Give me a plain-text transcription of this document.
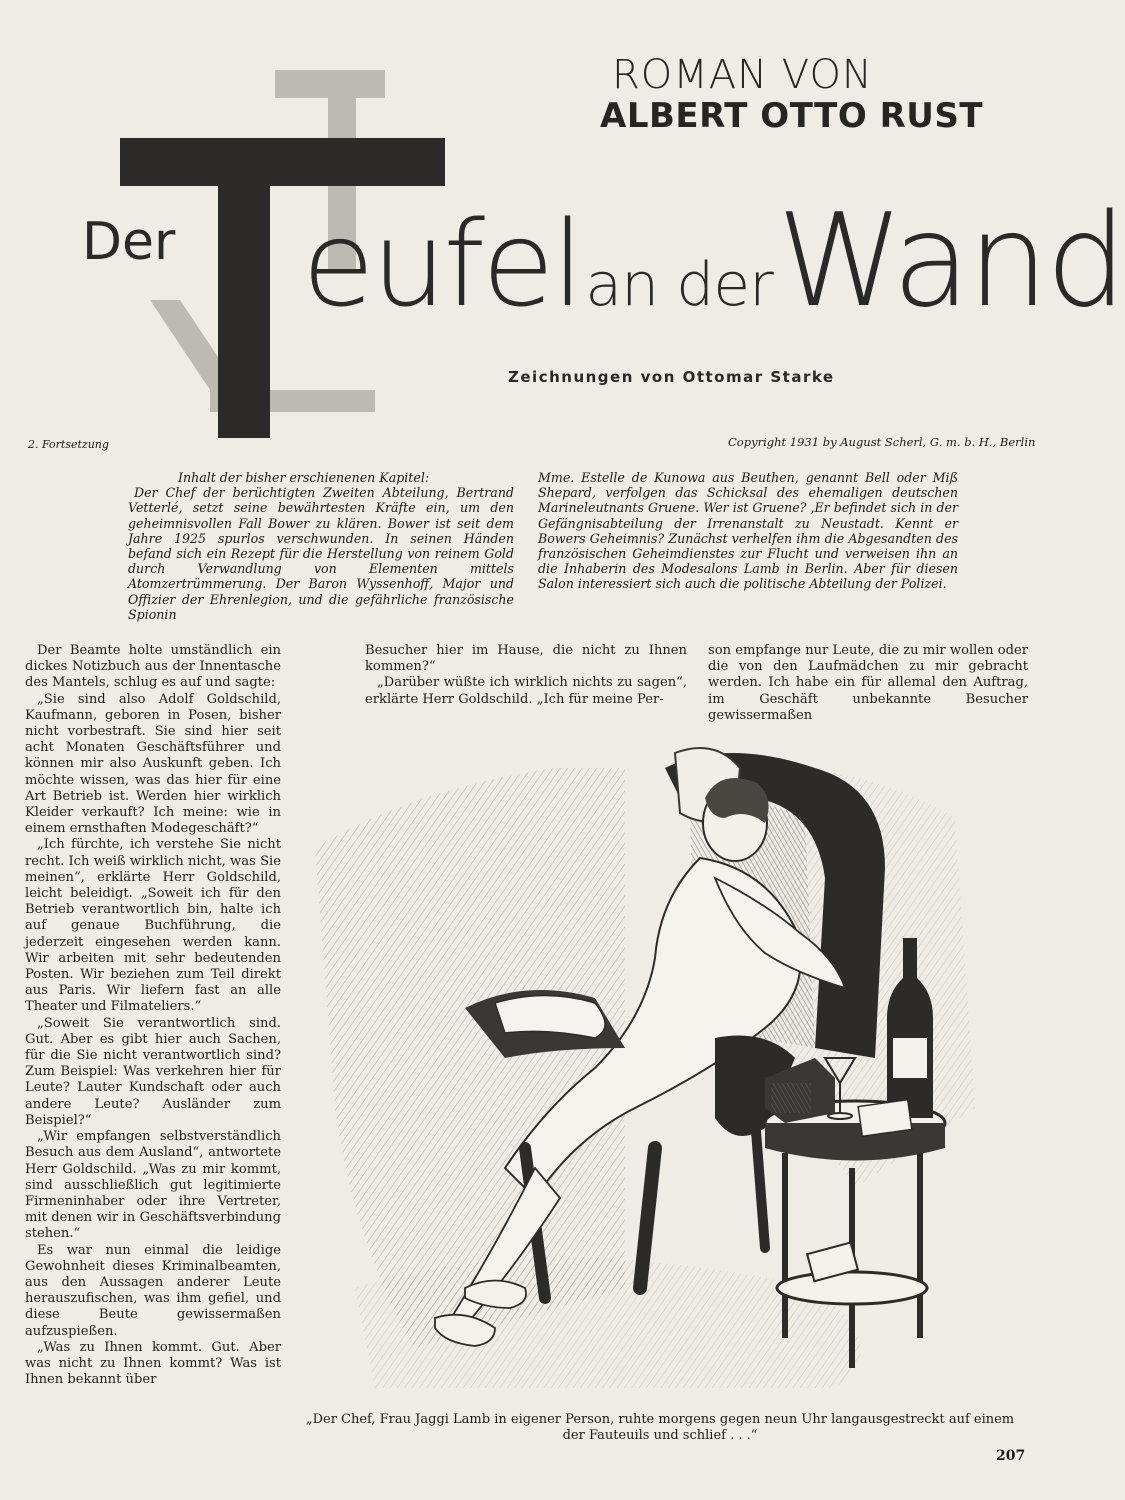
ROMAN VON
ALBERT OTTO RUST
Der eufelan derWand
Zeichnungen von Ottomar Starke
2. Fortsetzung	Copyright 1931 by August Scherl, G. m. b. H., Berlin
Inhalt der bisher erschienenen Kapitel:
Der Chef der berüchtigten Zweiten Abteilung, Bertrand Vetterlé, setzt seine bewährtesten Kräfte ein, um den geheimnisvollen Fall Bower zu klären. Bower ist seit dem Jahre 1925 spurlos verschwunden. In seinen Händen befand sich ein Rezept für die Herstellung von reinem Gold durch Verwandlung von Elementen mittels Atomzertrümmerung. Der Baron Wyssenhoff, Major und Offizier der Ehrenlegion, und die gefährliche französische Spionin
Mme. Estelle de Kunowa aus Beuthen, genannt Bell oder Miß Shepard, verfolgen das Schicksal des ehemaligen deutschen Marineleutnants Gruene. Wer ist Gruene? ‚Er befindet sich in der Gefängnisabteilung der Irrenanstalt zu Neustadt. Kennt er Bowers Geheimnis? Zunächst verhelfen ihm die Abgesandten des französischen Geheimdienstes zur Flucht und verweisen ihn an die Inhaberin des Modesalons Lamb in Berlin. Aber für diesen Salon interessiert sich auch die politische Abteilung der Polizei.

Der Beamte holte umständlich ein dickes Notizbuch aus der Innentasche des Mantels, schlug es auf und sagte:

„Sie sind also Adolf Goldschild, Kaufmann, geboren in Posen, bisher nicht vorbestraft. Sie sind hier seit acht Monaten Geschäftsführer und können mir also Auskunft geben. Ich möchte wissen, was das hier für eine Art Betrieb ist. Werden hier wirklich Kleider verkauft? Ich meine: wie in einem ernsthaften Modegeschäft?“

„Ich fürchte, ich verstehe Sie nicht recht. Ich weiß wirklich nicht, was Sie meinen“, erklärte Herr Goldschild, leicht beleidigt. „Soweit ich für den Betrieb verantwortlich bin, halte ich auf genaue Buchführung, die jederzeit eingesehen werden kann. Wir arbeiten mit sehr bedeutenden Posten. Wir beziehen zum Teil direkt aus Paris. Wir liefern fast an alle Theater und Filmateliers.“

„Soweit Sie verantwortlich sind. Gut. Aber es gibt hier auch Sachen, für die Sie nicht verantwortlich sind? Zum Beispiel: Was verkehren hier für Leute? Lauter Kundschaft oder auch andere Leute? Ausländer zum Beispiel?“

„Wir empfangen selbstverständlich Besuch aus dem Ausland“, antwortete Herr Goldschild. „Was zu mir kommt, sind ausschließlich gut legitimierte Firmeninhaber oder ihre Vertreter, mit denen wir in Geschäftsverbindung stehen.“

Es war nun einmal die leidige Gewohnheit dieses Kriminalbeamten, aus den Aussagen anderer Leute herauszufischen, was ihm gefiel, und diese Beute gewissermaßen aufzuspießen.

„Was zu Ihnen kommt. Gut. Aber was nicht zu Ihnen kommt? Was ist Ihnen bekannt über

Besucher hier im Hause, die nicht zu Ihnen kommen?“

„Darüber wüßte ich wirklich nichts zu sagen“, erklärte Herr Goldschild. „Ich für meine Per-

son empfange nur Leute, die zu mir wollen oder die von den Laufmädchen zu mir gebracht werden. Ich habe ein für allemal den Auftrag, im Geschäft unbekannte Besucher gewissermaßen

„Der Chef, Frau Jaggi Lamb in eigener Person, ruhte morgens gegen neun Uhr langausgestreckt auf einem der Fauteuils und schlief . . .“
207
